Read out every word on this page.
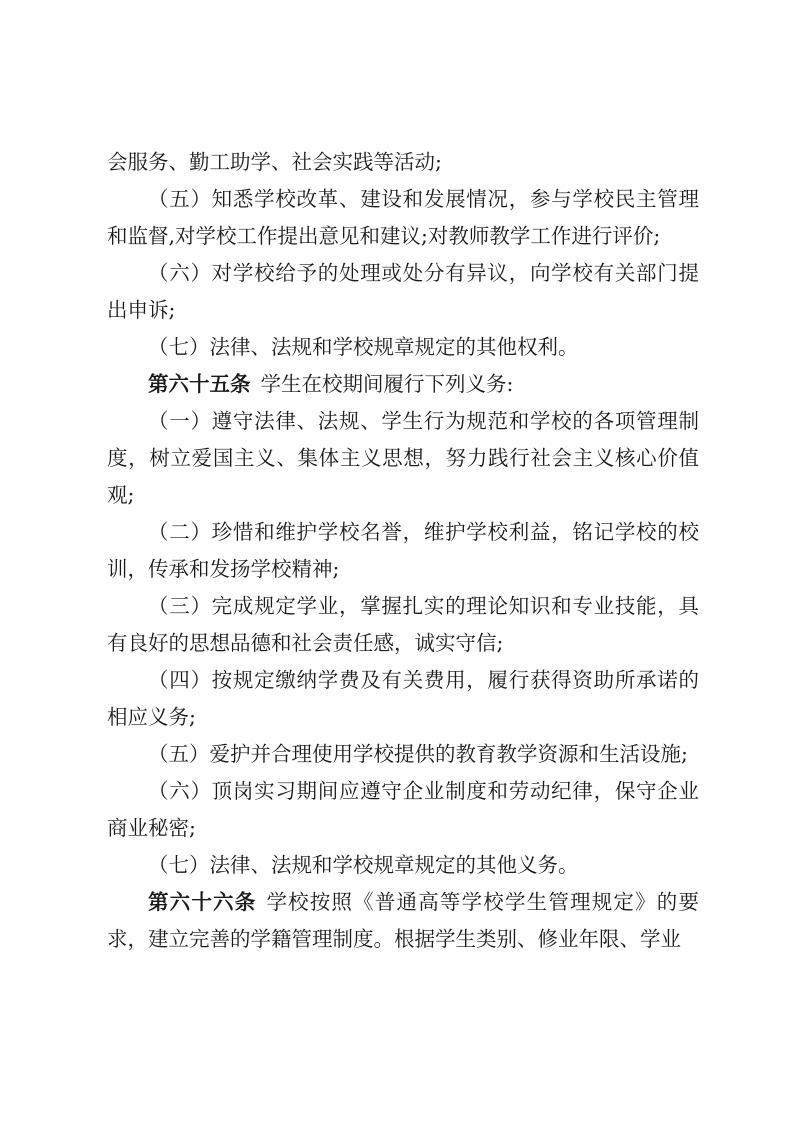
会服务、勤工助学、社会实践等活动;

（五）知悉学校改革、建设和发展情况，参与学校民主管理和监督,对学校工作提出意见和建议;对教师教学工作进行评价;

（六）对学校给予的处理或处分有异议，向学校有关部门提出申诉;

（七）法律、法规和学校规章规定的其他权利。

第六十五条 学生在校期间履行下列义务:

（一）遵守法律、法规、学生行为规范和学校的各项管理制度，树立爱国主义、集体主义思想，努力践行社会主义核心价值观;

（二）珍惜和维护学校名誉，维护学校利益，铭记学校的校训，传承和发扬学校精神;

（三）完成规定学业，掌握扎实的理论知识和专业技能，具有良好的思想品德和社会责任感，诚实守信;

（四）按规定缴纳学费及有关费用，履行获得资助所承诺的相应义务;

（五）爱护并合理使用学校提供的教育教学资源和生活设施;

（六）顶岗实习期间应遵守企业制度和劳动纪律，保守企业商业秘密;

（七）法律、法规和学校规章规定的其他义务。

第六十六条 学校按照《普通高等学校学生管理规定》的要求，建立完善的学籍管理制度。根据学生类别、修业年限、学业
